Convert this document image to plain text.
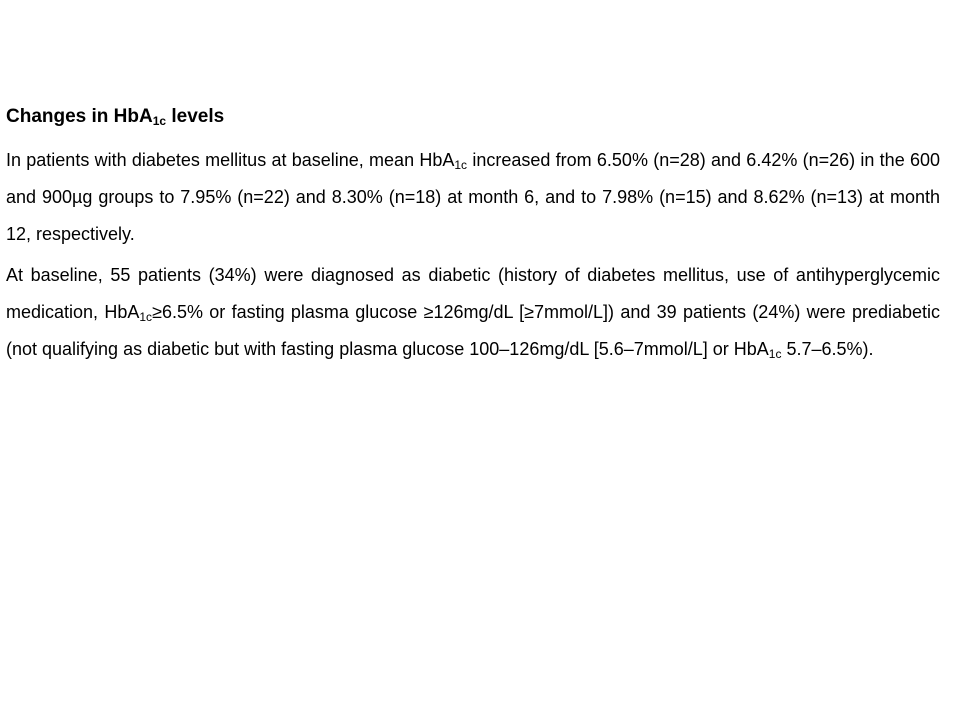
Changes in HbA$_{1c}$ levels

In patients with diabetes mellitus at baseline, mean HbA$_{1c}$ increased from 6.50% (n=28) and 6.42% (n=26) in the 600 and 900µg groups to 7.95% (n=22) and 8.30% (n=18) at month 6, and to 7.98% (n=15) and 8.62% (n=13) at month 12, respectively.

At baseline, 55 patients (34%) were diagnosed as diabetic (history of diabetes mellitus, use of antihyperglycemic medication, HbA$_{1c}$≥6.5% or fasting plasma glucose ≥126mg/dL [≥7mmol/L]) and 39 patients (24%) were prediabetic (not qualifying as diabetic but with fasting plasma glucose 100–126mg/dL [5.6–7mmol/L] or HbA$_{1c}$ 5.7–6.5%).
